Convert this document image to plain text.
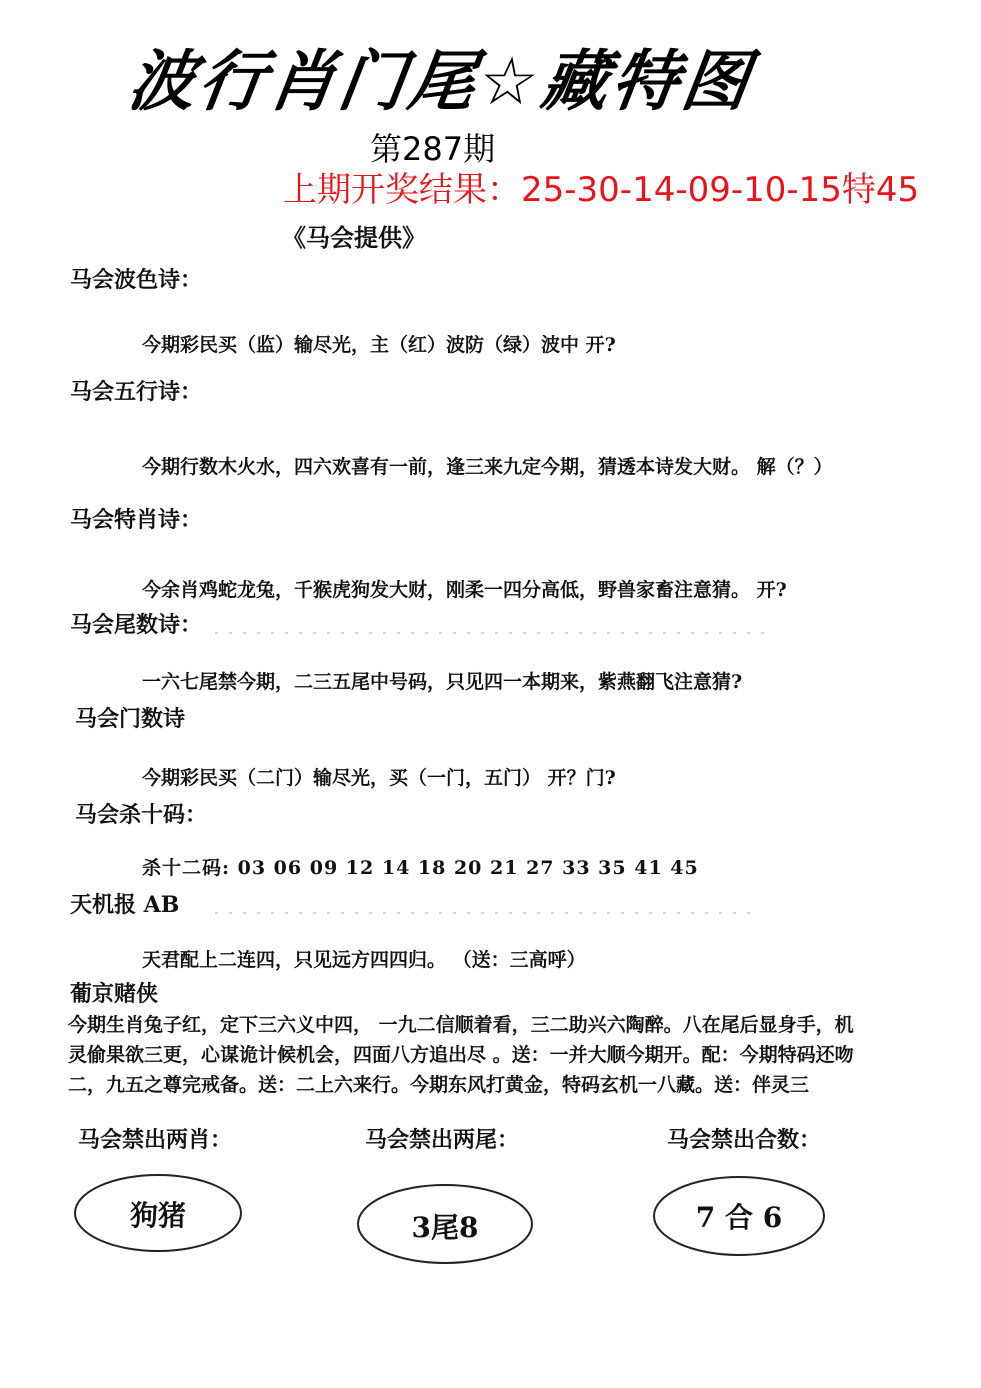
波行肖门尾☆藏特图
第287期
上期开奖结果：25-30-14-09-10-15特45
《马会提供》
马会波色诗：
今期彩民买（监）输尽光，主（红）波防（绿）波中 开?
马会五行诗：
今期行数木火水，四六欢喜有一前，逢三来九定今期，猜透本诗发大财。 解（？）
马会特肖诗：
今余肖鸡蛇龙兔，千猴虎狗发大财，刚柔一四分高低，野兽家畜注意猜。 开?
马会尾数诗：
一六七尾禁今期，二三五尾中号码，只见四一本期来，紫燕翻飞注意猜?
马会门数诗
今期彩民买（二门）输尽光，买（一门，五门） 开？门?
马会杀十码：
杀十二码: 03 06 09 12 14 18 20 21 27 33 35 41 45
天机报 AB
天君配上二连四，只见远方四四归。 （送：三高呼）
葡京赌侠
今期生肖兔子红，定下三六义中四， 一九二信顺着看，三二助兴六陶醉。八在尾后显身手，机
灵偷果欲三更，心谋诡计候机会，四面八方追出尽 。送：一并大顺今期开。配：今期特码还吻
二，九五之尊完戒备。送：二上六来行。今期东风打黄金，特码玄机一八藏。送：伴灵三
马会禁出两肖：	马会禁出两尾：	马会禁出合数：
狗猪	3尾8	7 合 6
